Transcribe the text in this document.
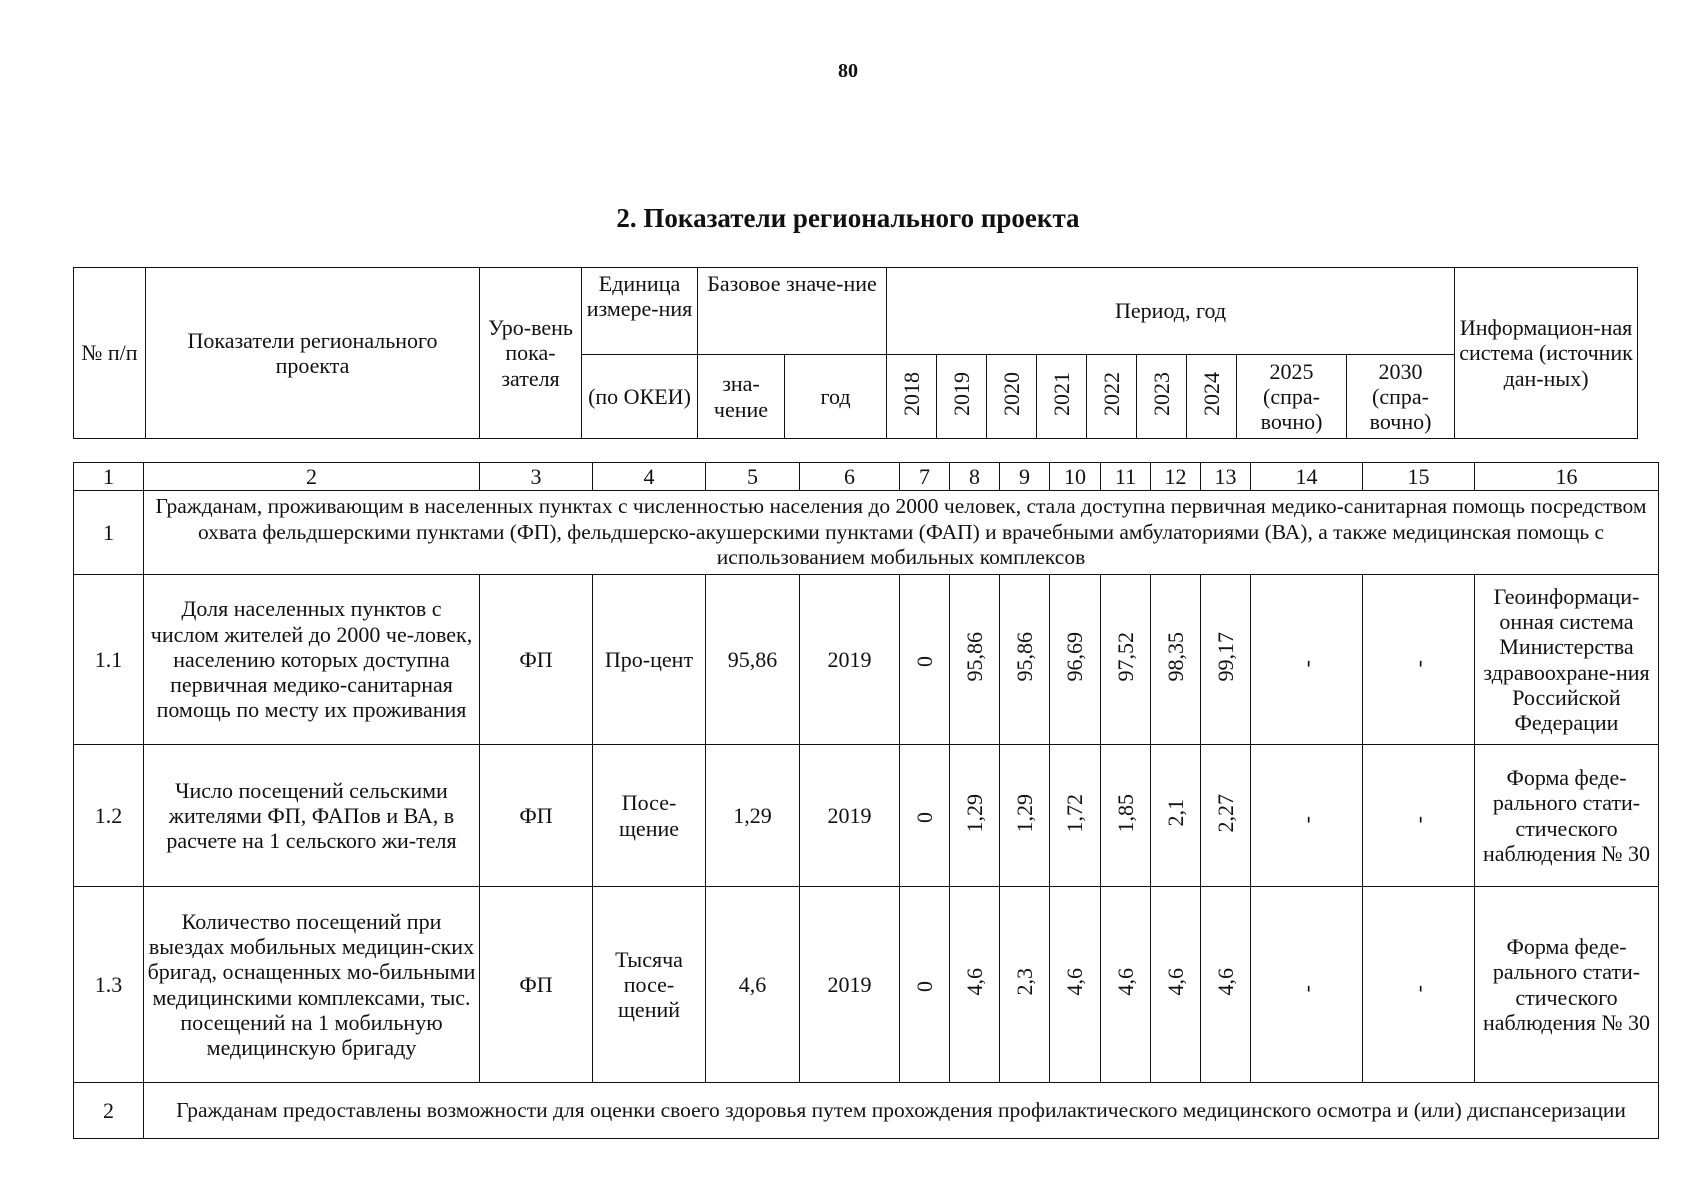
80
2. Показатели регионального проекта
№ п/п	Показатели регионального проекта	Уро-вень пока-зателя	Единица измере-ния	Базовое значе-ние		Период, год									Информацион-ная система (источник дан-ных)
			(по ОКЕИ)	зна-чение	год	2018	2019	2020	2021	2022	2023	2024	2025 (спра-вочно)	2030 (спра-вочно)	
1	2	3	4	5	6	7	8	9	10	11	12	13	14	15	16
1	Гражданам, проживающим в населенных пунктах с численностью населения до 2000 человек, стала доступна первичная медико-санитарная помощь посредством охвата фельдшерскими пунктами (ФП), фельдшерско-акушерскими пунктами (ФАП) и врачебными амбулаториями (ВА), а также медицинская помощь с использованием мобильных комплексов														
1.1	Доля населенных пунктов с числом жителей до 2000 че-ловек, населению которых доступна первичная медико-санитарная помощь по месту их проживания	ФП	Про-цент	95,86	2019	0	95,86	95,86	96,69	97,52	98,35	99,17	-	-	Геоинформаци-онная система Министерства здравоохране-ния Российской Федерации
1.2	Число посещений сельскими жителями ФП, ФАПов и ВА, в расчете на 1 сельского жи-теля	ФП	Посе-щение	1,29	2019	0	1,29	1,29	1,72	1,85	2,1	2,27	-	-	Форма феде-рального стати-стического наблюдения № 30
1.3	Количество посещений при выездах мобильных медицин-ских бригад, оснащенных мо-бильными медицинскими комплексами, тыс. посещений на 1 мобильную медицинскую бригаду	ФП	Тысяча посе-щений	4,6	2019	0	4,6	2,3	4,6	4,6	4,6	4,6	-	-	Форма феде-рального стати-стического наблюдения № 30
2	Гражданам предоставлены возможности для оценки своего здоровья путем прохождения профилактического медицинского осмотра и (или) диспансеризации														
